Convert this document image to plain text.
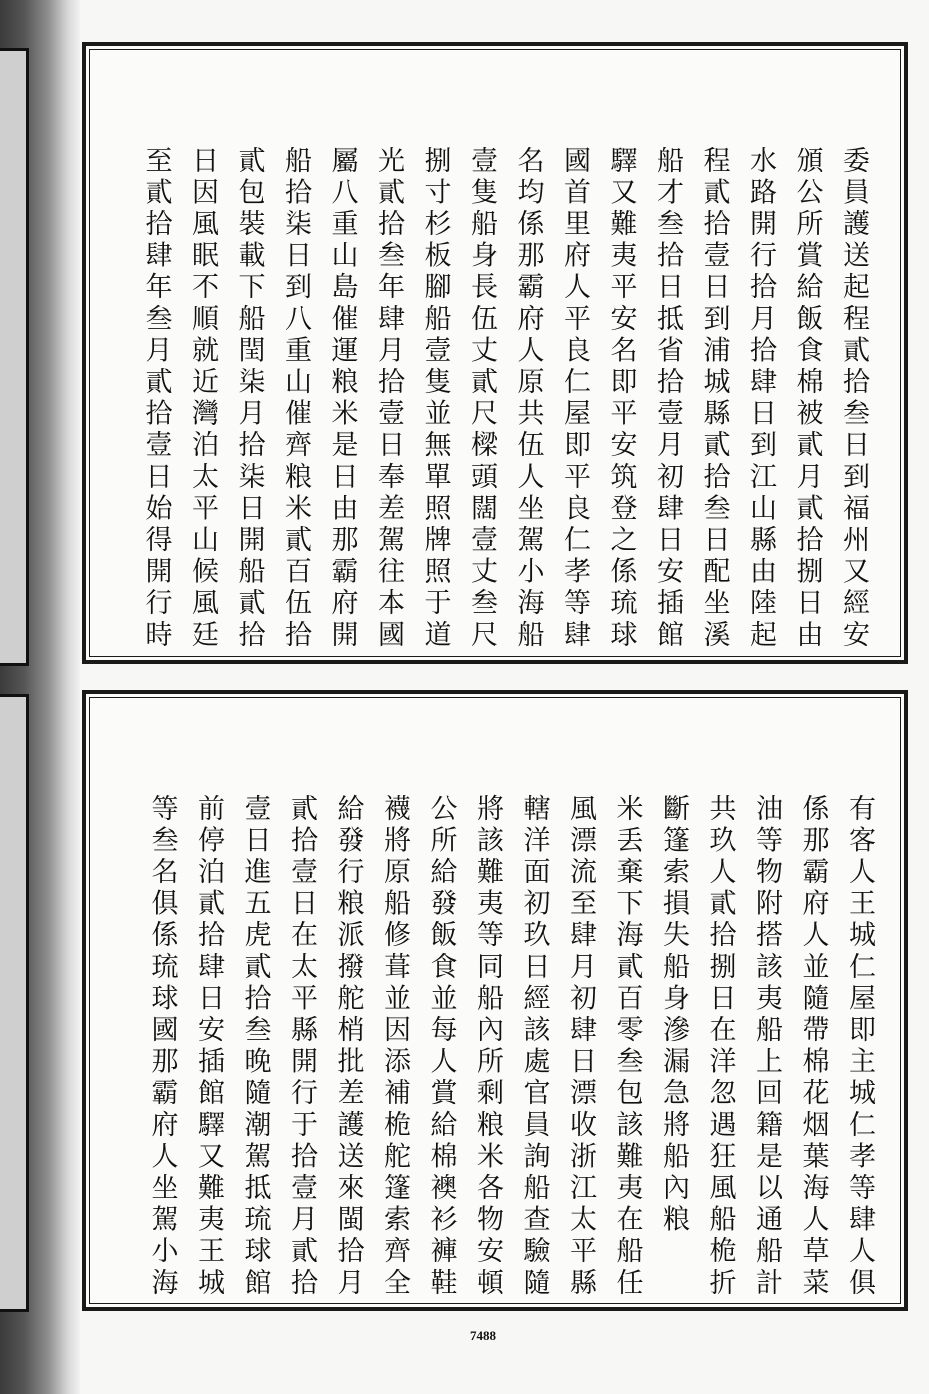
委員護送起程貳拾叁日到福州又經安
頒公所賞給飯食棉被貳月貳拾捌日由
水路開行拾月拾肆日到江山縣由陸起
程貳拾壹日到浦城縣貳拾叁日配坐溪
船才叁拾日抵省拾壹月初肆日安插館
驛又難夷平安名即平安筑登之係琉球
國首里府人平良仁屋即平良仁孝等肆
名均係那霸府人原共伍人坐駕小海船
壹隻船身長伍丈貳尺樑頭闊壹丈叁尺
捌寸杉板腳船壹隻並無單照牌照于道
光貳拾叁年肆月拾壹日奉差駕往本國
屬八重山島催運粮米是日由那霸府開
船拾柒日到八重山催齊粮米貳百伍拾
貳包裝載下船閏柒月拾柒日開船貳拾
日因風眠不順就近灣泊太平山候風廷
至貳拾肆年叁月貳拾壹日始得開行時
有客人王城仁屋即主城仁孝等肆人俱
係那霸府人並隨帶棉花烟葉海人草菜
油等物附搭該夷船上回籍是以通船計
共玖人貳拾捌日在洋忽遇狂風船桅折
斷篷索損失船身滲漏急將船內粮
米丢棄下海貳百零叁包該難夷在船任
風漂流至肆月初肆日漂收浙江太平縣
轄洋面初玖日經該處官員詢船查驗隨
將該難夷等同船內所剩粮米各物安頓
公所給發飯食並每人賞給棉襖衫褲鞋
襪將原船修葺並因添補桅舵篷索齊全
給發行粮派撥舵梢批差護送來閩拾月
貳拾壹日在太平縣開行于拾壹月貳拾
壹日進五虎貳拾叁晚隨潮駕抵琉球館
前停泊貳拾肆日安插館驛又難夷王城
等叁名俱係琉球國那霸府人坐駕小海
7488
